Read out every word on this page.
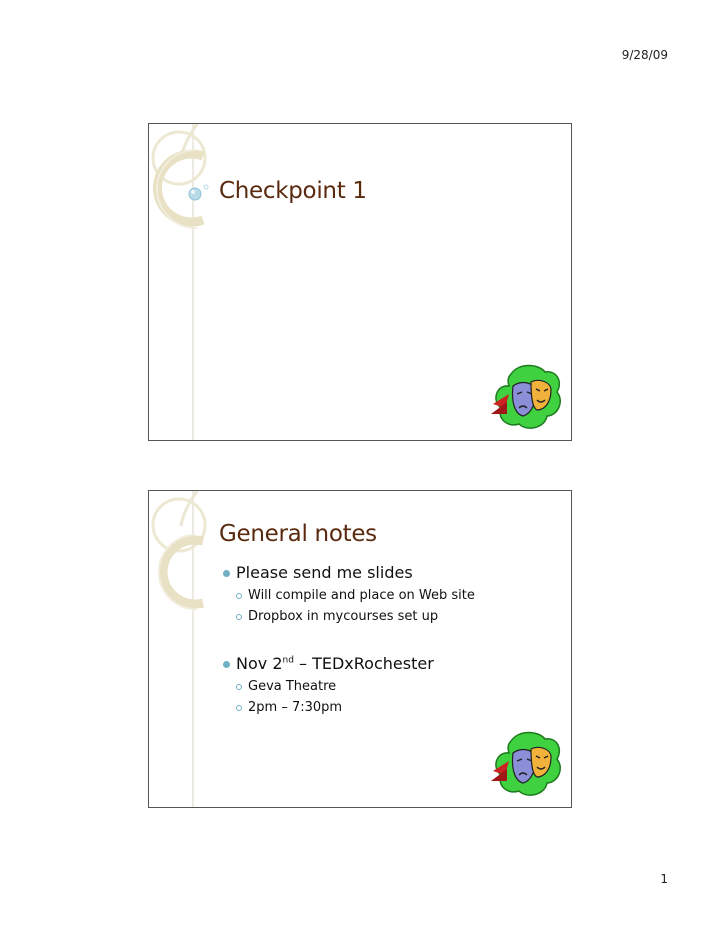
9/28/09
Checkpoint 1
General notes
Please send me slides
Will compile and place on Web site
Dropbox in mycourses set up
Nov 2nd – TEDxRochester
Geva Theatre
2pm – 7:30pm
1
